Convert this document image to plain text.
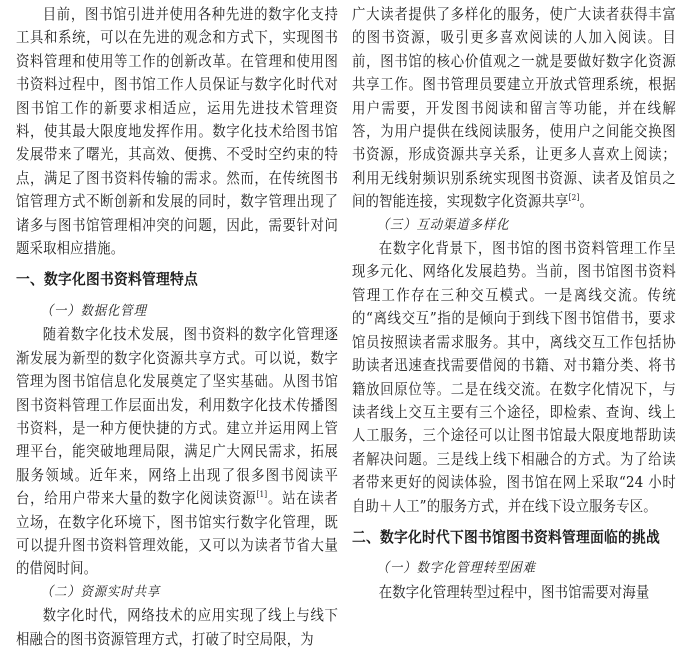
目前，图书馆引进并使用各种先进的数字化支持工具和系统，可以在先进的观念和方式下，实现图书资料管理和使用等工作的创新改革。在管理和使用图书资料过程中，图书馆工作人员保证与数字化时代对图书馆工作的新要求相适应，运用先进技术管理资料，使其最大限度地发挥作用。数字化技术给图书馆发展带来了曙光，其高效、便携、不受时空约束的特点，满足了图书资料传输的需求。然而，在传统图书馆管理方式不断创新和发展的同时，数字管理出现了诸多与图书馆管理相冲突的问题，因此，需要针对问题采取相应措施。

一、数字化图书资料管理特点
（一）数据化管理

随着数字化技术发展，图书资料的数字化管理逐渐发展为新型的数字化资源共享方式。可以说，数字管理为图书馆信息化发展奠定了坚实基础。从图书馆图书资料管理工作层面出发，利用数字化技术传播图书资料，是一种方便快捷的方式。建立并运用网上管理平台，能突破地理局限，满足广大网民需求，拓展服务领域。近年来，网络上出现了很多图书阅读平台，给用户带来大量的数字化阅读资源[1]。站在读者立场，在数字化环境下，图书馆实行数字化管理，既可以提升图书资料管理效能，又可以为读者节省大量的借阅时间。

（二）资源实时共享

数字化时代，网络技术的应用实现了线上与线下相融合的图书资源管理方式，打破了时空局限，为

广大读者提供了多样化的服务，使广大读者获得丰富的图书资源，吸引更多喜欢阅读的人加入阅读。目前，图书馆的核心价值观之一就是要做好数字化资源共享工作。图书管理员要建立开放式管理系统，根据用户需要，开发图书阅读和留言等功能，并在线解答，为用户提供在线阅读服务，使用户之间能交换图书资源，形成资源共享关系，让更多人喜欢上阅读；利用无线射频识别系统实现图书资源、读者及馆员之间的智能连接，实现数字化资源共享[2]。

（三）互动渠道多样化

在数字化背景下，图书馆的图书资料管理工作呈现多元化、网络化发展趋势。当前，图书馆图书资料管理工作存在三种交互模式。一是离线交流。传统的“离线交互”指的是倾向于到线下图书馆借书，要求馆员按照读者需求服务。其中，离线交互工作包括协助读者迅速查找需要借阅的书籍、对书籍分类、将书籍放回原位等。二是在线交流。在数字化情况下，与读者线上交互主要有三个途径，即检索、查询、线上人工服务，三个途径可以让图书馆最大限度地帮助读者解决问题。三是线上线下相融合的方式。为了给读者带来更好的阅读体验，图书馆在网上采取“24 小时自助＋人工”的服务方式，并在线下设立服务专区。

二、数字化时代下图书馆图书资料管理面临的挑战
（一）数字化管理转型困难

在数字化管理转型过程中，图书馆需要对海量
